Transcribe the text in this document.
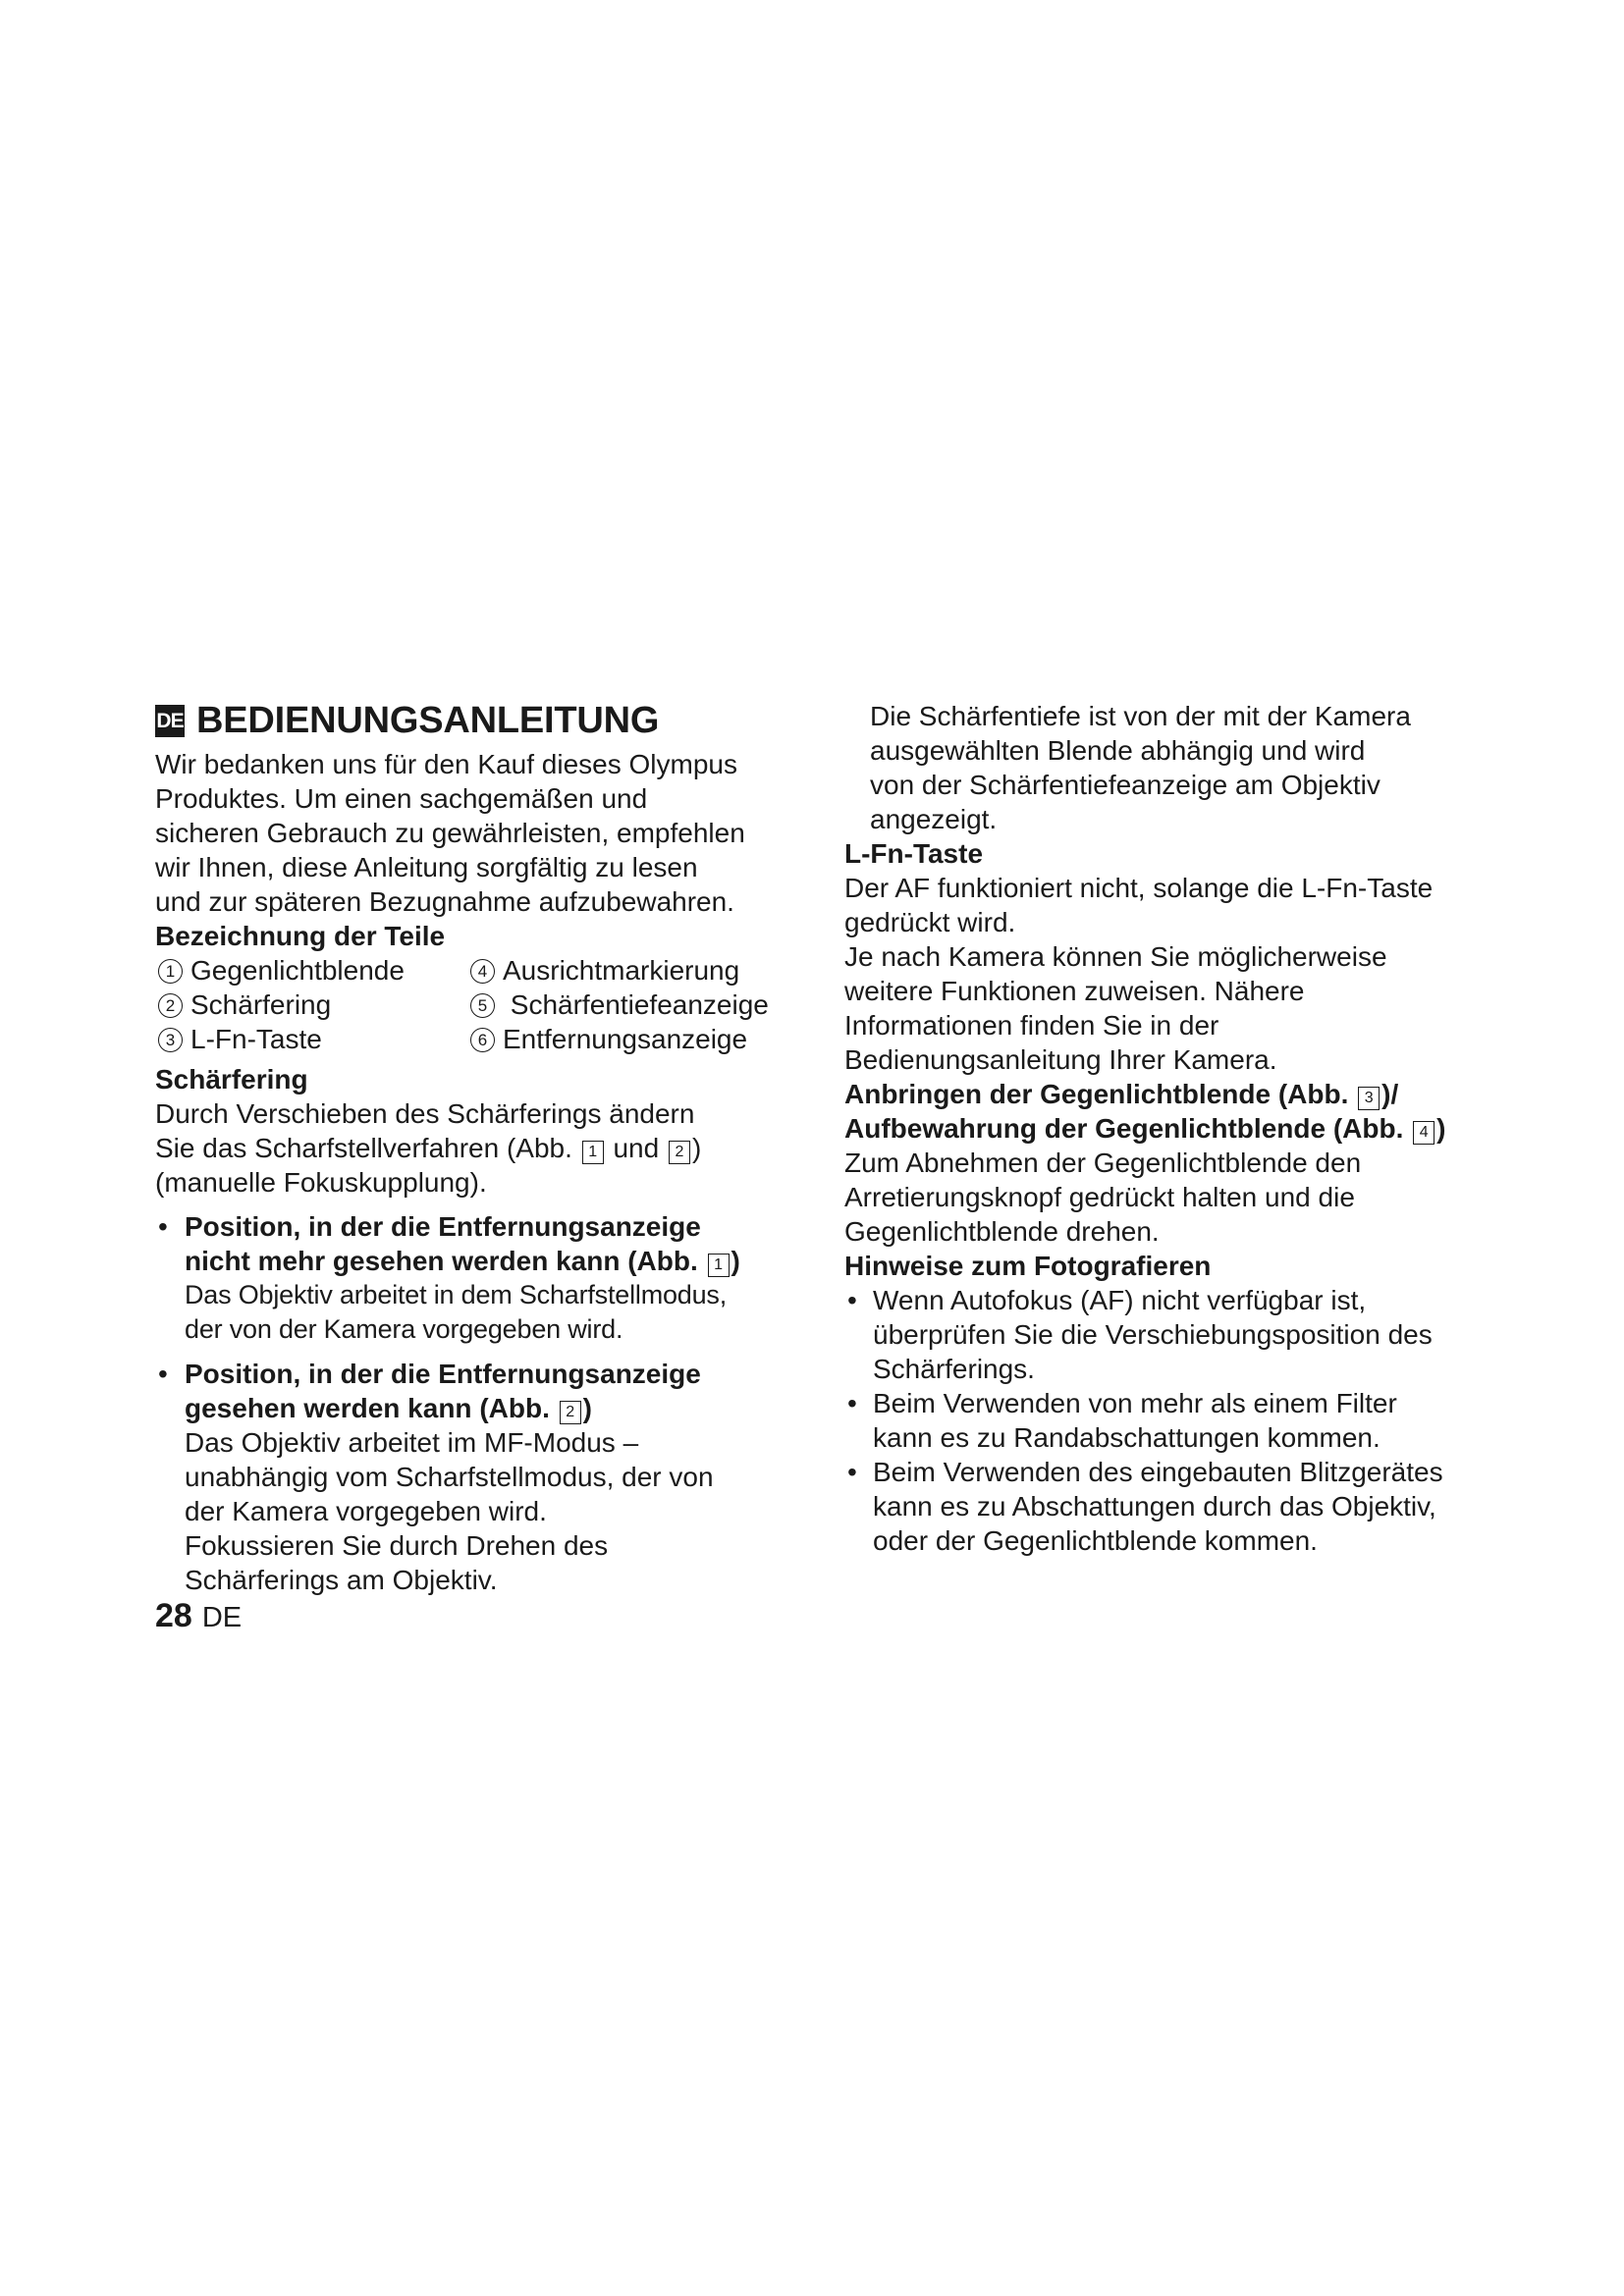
DE BEDIENUNGSANLEITUNG

Wir bedanken uns für den Kauf dieses Olympus

Produktes. Um einen sachgemäßen und

sicheren Gebrauch zu gewährleisten, empfehlen

wir Ihnen, diese Anleitung sorgfältig zu lesen

und zur späteren Bezugnahme aufzubewahren.

Bezeichnung der Teile

1 Gegenlichtblende	4 Ausrichtmarkierung
2 Schärfering	5 Schärfentiefeanzeige
3 L-Fn-Taste	6 Entfernungsanzeige

Schärfering

Durch Verschieben des Schärferings ändern

Sie das Scharfstellverfahren (Abb. 1 und 2 )

(manuelle Fokuskupplung).

• Position, in der die Entfernungsanzeige

nicht mehr gesehen werden kann (Abb. 1 )

Das Objektiv arbeitet in dem Scharfstellmodus,

der von der Kamera vorgegeben wird.

• Position, in der die Entfernungsanzeige

gesehen werden kann (Abb. 2 )

Das Objektiv arbeitet im MF-Modus –

unabhängig vom Scharfstellmodus, der von

der Kamera vorgegeben wird.

Fokussieren Sie durch Drehen des

Schärferings am Objektiv.

Die Schärfentiefe ist von der mit der Kamera

ausgewählten Blende abhängig und wird

von der Schärfentiefeanzeige am Objektiv

angezeigt.

L-Fn-Taste

Der AF funktioniert nicht, solange die L-Fn-Taste

gedrückt wird.

Je nach Kamera können Sie möglicherweise

weitere Funktionen zuweisen. Nähere

Informationen finden Sie in der

Bedienungsanleitung Ihrer Kamera.

Anbringen der Gegenlichtblende (Abb. 3 )/

Aufbewahrung der Gegenlichtblende (Abb. 4 )

Zum Abnehmen der Gegenlichtblende den

Arretierungsknopf gedrückt halten und die

Gegenlichtblende drehen.

Hinweise zum Fotografieren

• Wenn Autofokus (AF) nicht verfügbar ist,

überprüfen Sie die Verschiebungsposition des

Schärferings.

• Beim Verwenden von mehr als einem Filter

kann es zu Randabschattungen kommen.

• Beim Verwenden des eingebauten Blitzgerätes

kann es zu Abschattungen durch das Objektiv,

oder der Gegenlichtblende kommen.

28 DE
